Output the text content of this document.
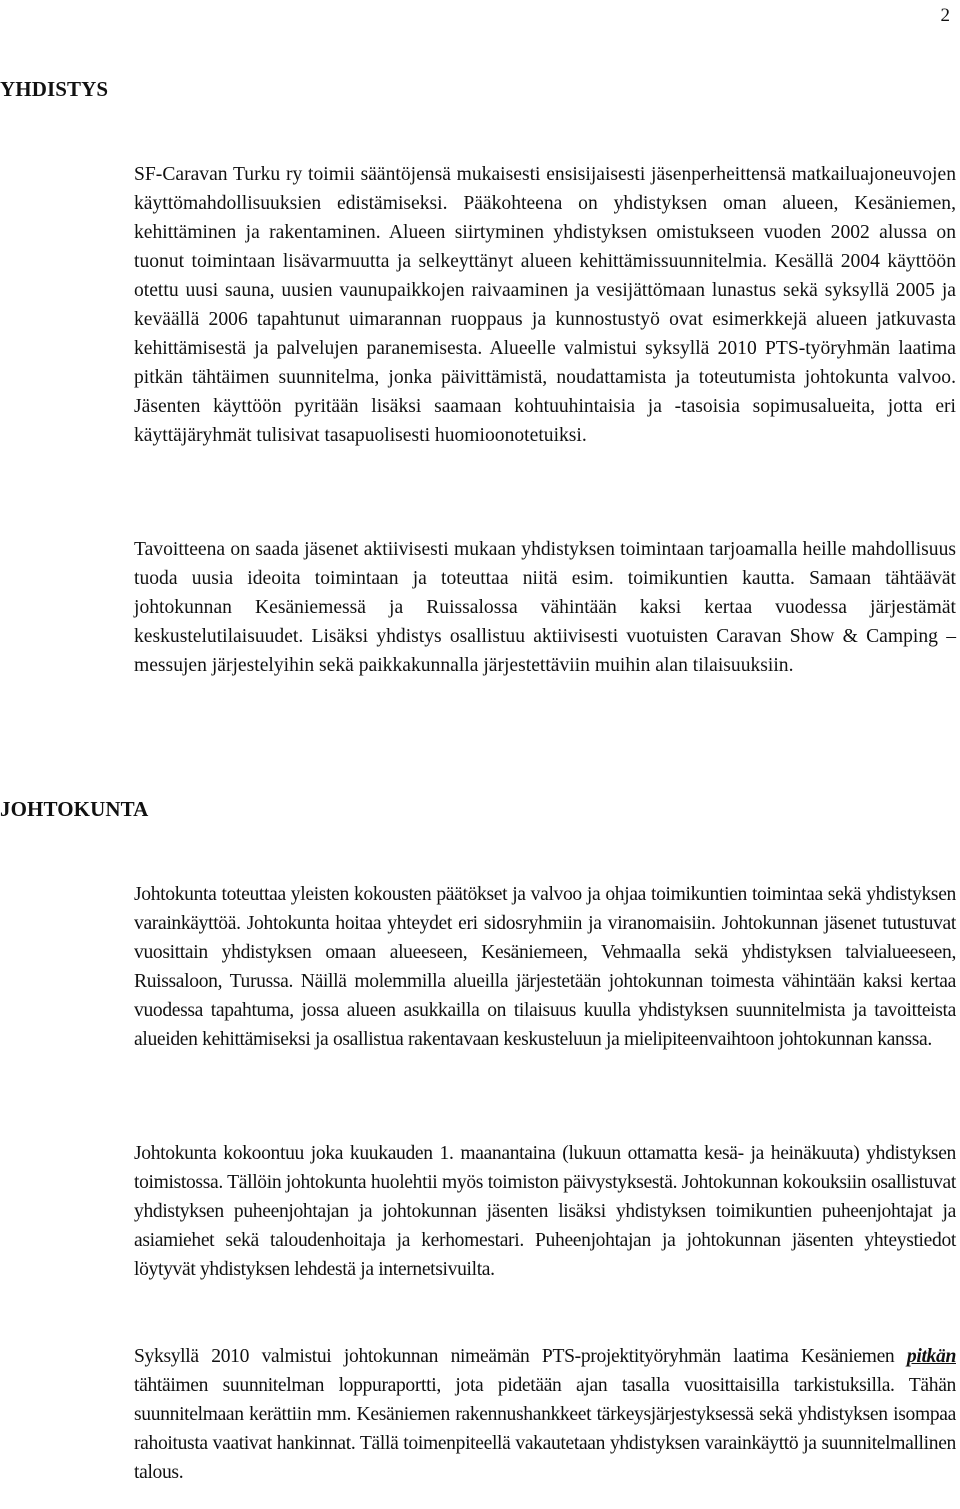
2
YHDISTYS

SF-Caravan Turku ry toimii sääntöjensä mukaisesti ensisijaisesti jäsenperheittensä matkailuajoneuvojen käyttömahdollisuuksien edistämiseksi. Pääkohteena on yhdistyksen oman alueen, Kesäniemen, kehittäminen ja rakentaminen. Alueen siirtyminen yhdistyksen omistukseen vuoden 2002 alussa on tuonut toimintaan lisävarmuutta ja selkeyttänyt alueen kehittämissuunnitelmia. Kesällä 2004 käyttöön otettu uusi sauna, uusien vaunupaikkojen raivaaminen ja vesijättömaan lunastus sekä syksyllä 2005 ja keväällä 2006 tapahtunut uimarannan ruoppaus ja kunnostustyö ovat esimerkkejä alueen jatkuvasta kehittämisestä ja palvelujen paranemisesta. Alueelle valmistui syksyllä 2010 PTS-työryhmän laatima pitkän tähtäimen suunnitelma, jonka päivittämistä, noudattamista ja toteutumista johtokunta valvoo. Jäsenten käyttöön pyritään lisäksi saamaan kohtuuhintaisia ja -tasoisia sopimusalueita, jotta eri käyttäjäryhmät tulisivat tasapuolisesti huomioonotetuiksi.

Tavoitteena on saada jäsenet aktiivisesti mukaan yhdistyksen toimintaan tarjoamalla heille mahdollisuus tuoda uusia ideoita toimintaan ja toteuttaa niitä esim. toimikuntien kautta. Samaan tähtäävät johtokunnan Kesäniemessä ja Ruissalossa vähintään kaksi kertaa vuodessa järjestämät keskustelutilaisuudet. Lisäksi yhdistys osallistuu aktiivisesti vuotuisten Caravan Show & Camping –messujen järjestelyihin sekä paikkakunnalla järjestettäviin muihin alan tilaisuuksiin.

JOHTOKUNTA

Johtokunta toteuttaa yleisten kokousten päätökset ja valvoo ja ohjaa toimikuntien toimintaa sekä yhdistyksen varainkäyttöä. Johtokunta hoitaa yhteydet eri sidosryhmiin ja viranomaisiin. Johtokunnan jäsenet tutustuvat vuosittain yhdistyksen omaan alueeseen, Kesäniemeen, Vehmaalla sekä yhdistyksen talvialueeseen, Ruissaloon, Turussa. Näillä molemmilla alueilla järjestetään johtokunnan toimesta vähintään kaksi kertaa vuodessa tapahtuma, jossa alueen asukkailla on tilaisuus kuulla yhdistyksen suunnitelmista ja tavoitteista alueiden kehittämiseksi ja osallistua rakentavaan keskusteluun ja mielipiteenvaihtoon johtokunnan kanssa.

Johtokunta kokoontuu joka kuukauden 1. maanantaina (lukuun ottamatta kesä- ja heinäkuuta) yhdistyksen toimistossa. Tällöin johtokunta huolehtii myös toimiston päivystyksestä. Johtokunnan kokouksiin osallistuvat yhdistyksen puheenjohtajan ja johtokunnan jäsenten lisäksi yhdistyksen toimikuntien puheenjohtajat ja asiamiehet sekä taloudenhoitaja ja kerhomestari. Puheenjohtajan ja johtokunnan jäsenten yhteystiedot löytyvät yhdistyksen lehdestä ja internetsivuilta.

Syksyllä 2010 valmistui johtokunnan nimeämän PTS-projektityöryhmän laatima Kesäniemen pitkän tähtäimen suunnitelman loppuraportti, jota pidetään ajan tasalla vuosittaisilla tarkistuksilla. Tähän suunnitelmaan kerättiin mm. Kesäniemen rakennushankkeet tärkeysjärjestyksessä sekä yhdistyksen isompaa rahoitusta vaativat hankinnat. Tällä toimenpiteellä vakautetaan yhdistyksen varainkäyttö ja suunnitelmallinen talous.
